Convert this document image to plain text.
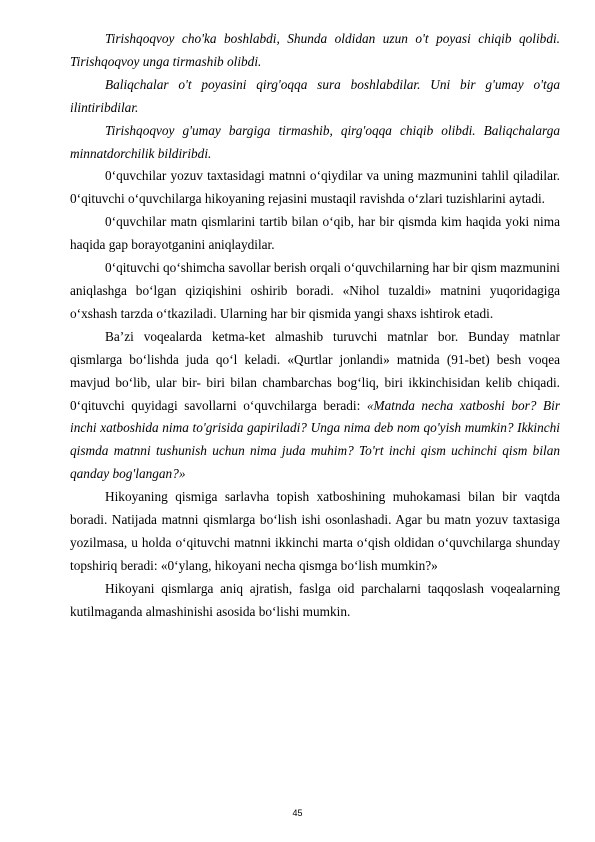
Tirishqoqvoy cho'ka boshlabdi, Shunda oldidan uzun o't poyasi chiqib qolibdi. Tirishqoqvoy unga tirmashib olibdi.

Baliqchalar o't poyasini qirg'oqqa sura boshlabdilar. Uni bir g'umay o'tga ilintiribdilar.

Tirishqoqvoy g'umay bargiga tirmashib, qirg'oqqa chiqib olibdi. Baliqchalarga minnatdorchilik bildiribdi.

0‘quvchilar yozuv taxtasidagi matnni o‘qiydilar va uning mazmunini tahlil qiladilar. 0‘qituvchi o‘quvchilarga hikoyaning rejasini mustaqil ravishda o‘zlari tuzishlarini aytadi.

0‘quvchilar matn qismlarini tartib bilan o‘qib, har bir qismda kim haqida yoki nima haqida gap borayotganini aniqlaydilar.

0‘qituvchi qo‘shimcha savollar berish orqali o‘quvchilarning har bir qism mazmunini aniqlashga bo‘lgan qiziqishini oshirib boradi. «Nihol tuzaldi» matnini yuqoridagiga o‘xshash tarzda o‘tkaziladi. Ularning har bir qismida yangi shaxs ishtirok etadi.

Ba’zi voqealarda ketma-ket almashib turuvchi matnlar bor. Bunday matnlar qismlarga bo‘lishda juda qo‘l keladi. «Qurtlar jonlandi» matnida (91-bet) besh voqea mavjud bo‘lib, ular bir- biri bilan chambarchas bog‘liq, biri ikkinchisidan kelib chiqadi. 0‘qituvchi quyidagi savollarni o‘quvchilarga beradi: «Matnda necha xatboshi bor? Bir inchi xatboshida nima to'grisida gapiriladi? Unga nima deb nom qo'yish mumkin? Ikkinchi qismda matnni tushunish uchun nima juda muhim? To'rt inchi qism uchinchi qism bilan qanday bog'langan?»

Hikoyaning qismiga sarlavha topish xatboshining muhokamasi bilan bir vaqtda boradi. Natijada matnni qismlarga bo‘lish ishi osonlashadi. Agar bu matn yozuv taxtasiga yozilmasa, u holda o‘qituvchi matnni ikkinchi marta o‘qish oldidan o‘quvchilarga shunday topshiriq beradi: «0‘ylang, hikoyani necha qismga bo‘lish mumkin?»

Hikoyani qismlarga aniq ajratish, faslga oid parchalarni taqqoslash voqealarning kutilmaganda almashinishi asosida bo‘lishi mumkin.

45
